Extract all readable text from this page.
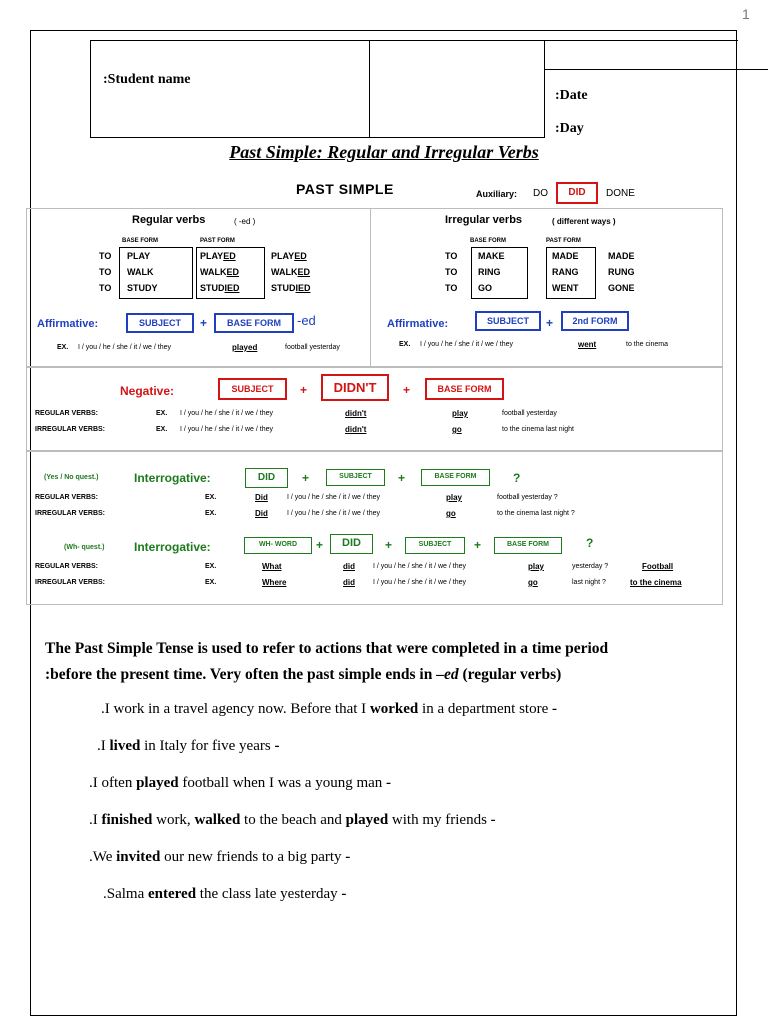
1
:Student name
:Date
:Day
Past Simple: Regular and Irregular Verbs
PAST SIMPLE	Auxiliary: DO	DID	DONE
Regular verbs	( -ed )
BASE FORM	PAST FORM
TO PLAY	PLAYED	PLAYED
TO WALK	WALKED	WALKED
TO STUDY	STUDIED	STUDIED
Affirmative:	SUBJECT	+	BASE FORM	-ed
EX. I / you / he / she / it / we / they	played	football yesterday
Irregular verbs	( different ways )
BASE FORM	PAST FORM
TO MAKE	MADE	MADE
TO RING	RANG	RUNG
TO GO	WENT	GONE
Affirmative:	SUBJECT	+	2nd FORM
EX. I / you / he / she / it / we / they	went	to the cinema
Negative:	SUBJECT	+	DIDN'T	+	BASE FORM
REGULAR VERBS:	EX. I / you / he / she / it / we / they	didn't	play	football yesterday
IRREGULAR VERBS:	EX. I / you / he / she / it / we / they	didn't	go	to the cinema last night
(Yes / No quest.)	Interrogative:	DID	+	SUBJECT	+	BASE FORM	?
REGULAR VERBS:	EX.	Did	I / you / he / she / it / we / they	play	football yesterday ?
IRREGULAR VERBS:	EX.	Did	I / you / he / she / it / we / they	go	to the cinema last night ?
(Wh- quest.) Interrogative:	WH- WORD	+	DID	+	SUBJECT	+	BASE FORM	?
REGULAR VERBS:	EX.	What	did	I / you / he / she / it / we / they	play	yesterday ?	Football
IRREGULAR VERBS:	EX.	Where	did	I / you / he / she / it / we / they	go	last night ?	to the cinema
The Past Simple Tense is used to refer to actions that were completed in a time period
:before the present time. Very often the past simple ends in –ed (regular verbs)
.I work in a travel agency now. Before that I worked in a department store -
.I lived in Italy for five years -
.I often played football when I was a young man -
.I finished work, walked to the beach and played with my friends -
.We invited our new friends to a big party -
.Salma entered the class late yesterday -
